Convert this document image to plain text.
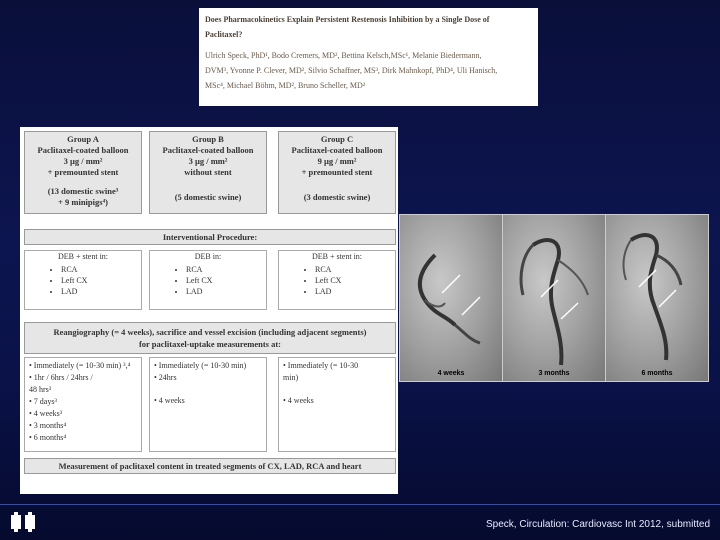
Does Pharmacokinetics Explain Persistent Restenosis Inhibition by a Single Dose of
Paclitaxel?
Ulrich Speck, PhD¹, Bodo Cremers, MD², Bettina Kelsch,MSc¹, Melanie Biedermann,
DVM³, Yvonne P. Clever, MD², Silvio Schaffner, MS³, Dirk Mahnkopf, PhD⁴, Uli Hanisch,
MSc⁴, Michael Böhm, MD², Bruno Scheller, MD²
Group A
Paclitaxel-coated balloon
3 µg / mm²
+ premounted stent
(13 domestic swine³
+ 9 minipigs⁴)
Group B
Paclitaxel-coated balloon
3 µg / mm²
without stent
(5 domestic swine)
Group C
Paclitaxel-coated balloon
9 µg / mm²
+ premounted stent
(3 domestic swine)
Interventional Procedure:
DEB + stent in:
• RCA
• Left CX
• LAD
DEB in:
• RCA
• Left CX
• LAD
DEB + stent in:
• RCA
• Left CX
• LAD
Reangiography (= 4 weeks), sacrifice and vessel excision (including adjacent segments)
for paclitaxel-uptake measurements at:
• Immediately (= 10-30 min) ³,⁴
• 1hr / 6hrs / 24hrs /
48 hrs³
• 7 days³
• 4 weeks³
• 3 months⁴
• 6 months⁴
• Immediately (= 10-30 min)
• 24hrs
• 4 weeks
• Immediately (= 10-30
min)
• 4 weeks
Measurement of paclitaxel content in treated segments of CX, LAD, RCA and heart
4 weeks	3 months	6 months
Speck, Circulation: Cardiovasc Int 2012, submitted
